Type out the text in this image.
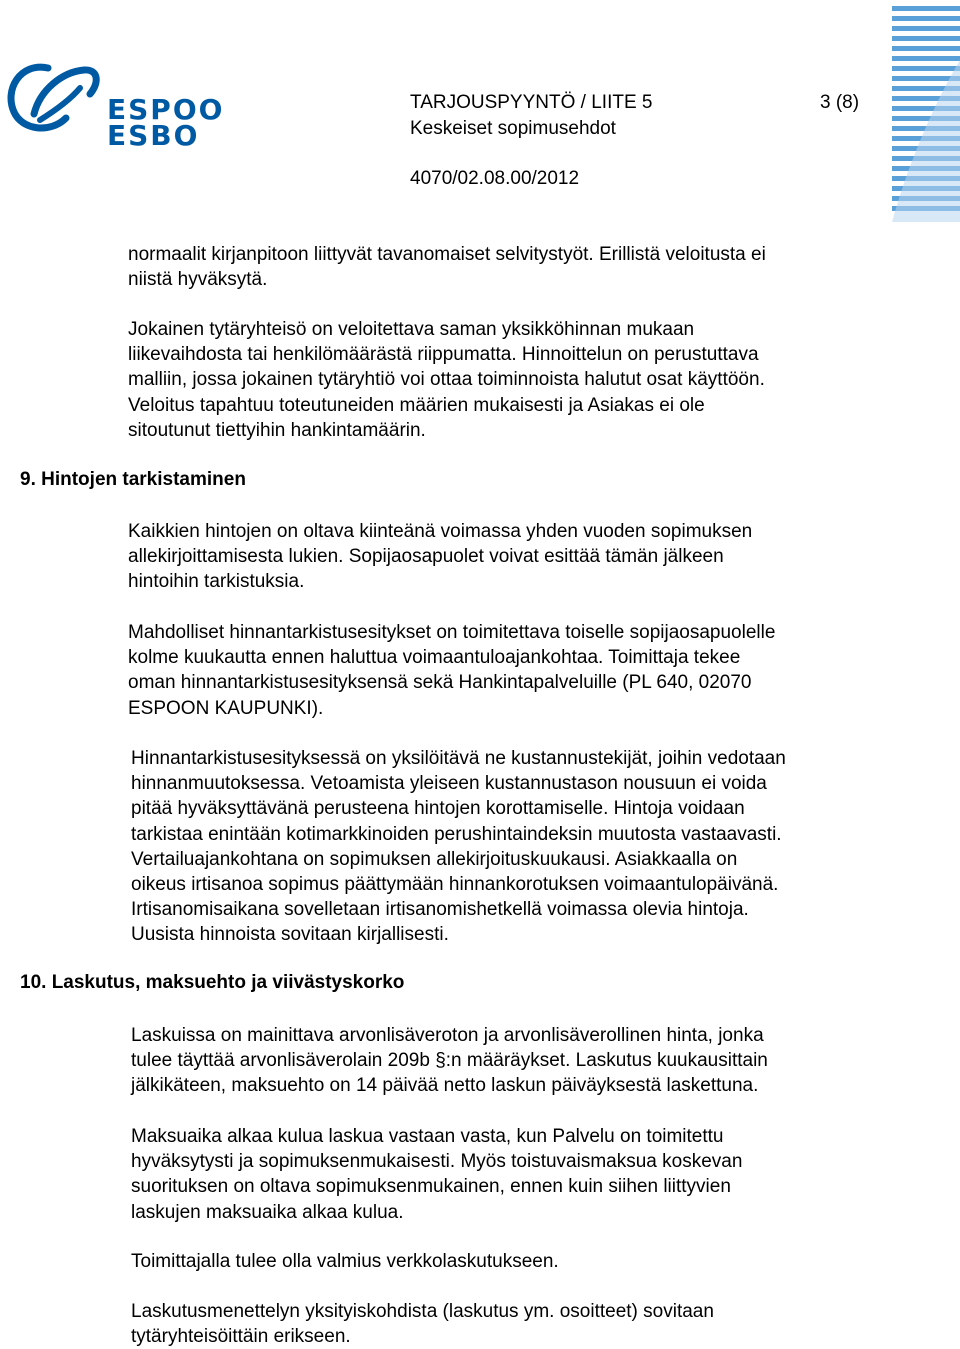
ESPOO
ESBO
TARJOUSPYYNTÖ / LIITE 5	3 (8)
Keskeiset sopimusehdot
4070/02.08.00/2012
normaalit kirjanpitoon liittyvät tavanomaiset selvitystyöt. Erillistä veloitusta ei
niistä hyväksytä.
Jokainen tytäryhteisö on veloitettava saman yksikköhinnan mukaan
liikevaihdosta tai henkilömäärästä riippumatta. Hinnoittelun on perustuttava
malliin, jossa jokainen tytäryhtiö voi ottaa toiminnoista halutut osat käyttöön.
Veloitus tapahtuu toteutuneiden määrien mukaisesti ja Asiakas ei ole
sitoutunut tiettyihin hankintamäärin.
9. Hintojen tarkistaminen
Kaikkien hintojen on oltava kiinteänä voimassa yhden vuoden sopimuksen
allekirjoittamisesta lukien. Sopijaosapuolet voivat esittää tämän jälkeen
hintoihin tarkistuksia.
Mahdolliset hinnantarkistusesitykset on toimitettava toiselle sopijaosapuolelle
kolme kuukautta ennen haluttua voimaantuloajankohtaa. Toimittaja tekee
oman hinnantarkistusesityksensä sekä Hankintapalveluille (PL 640, 02070
ESPOON KAUPUNKI).
Hinnantarkistusesityksessä on yksilöitävä ne kustannustekijät, joihin vedotaan
hinnanmuutoksessa. Vetoamista yleiseen kustannustason nousuun ei voida
pitää hyväksyttävänä perusteena hintojen korottamiselle. Hintoja voidaan
tarkistaa enintään kotimarkkinoiden perushintaindeksin muutosta vastaavasti.
Vertailuajankohtana on sopimuksen allekirjoituskuukausi. Asiakkaalla on
oikeus irtisanoa sopimus päättymään hinnankorotuksen voimaantulopäivänä.
Irtisanomisaikana sovelletaan irtisanomishetkellä voimassa olevia hintoja.
Uusista hinnoista sovitaan kirjallisesti.
10. Laskutus, maksuehto ja viivästyskorko
Laskuissa on mainittava arvonlisäveroton ja arvonlisäverollinen hinta, jonka
tulee täyttää arvonlisäverolain 209b §:n määräykset. Laskutus kuukausittain
jälkikäteen, maksuehto on 14 päivää netto laskun päiväyksestä laskettuna.
Maksuaika alkaa kulua laskua vastaan vasta, kun Palvelu on toimitettu
hyväksytysti ja sopimuksenmukaisesti. Myös toistuvaismaksua koskevan
suorituksen on oltava sopimuksenmukainen, ennen kuin siihen liittyvien
laskujen maksuaika alkaa kulua.
Toimittajalla tulee olla valmius verkkolaskutukseen.
Laskutusmenettelyn yksityiskohdista (laskutus ym. osoitteet) sovitaan
tytäryhteisöittäin erikseen.
